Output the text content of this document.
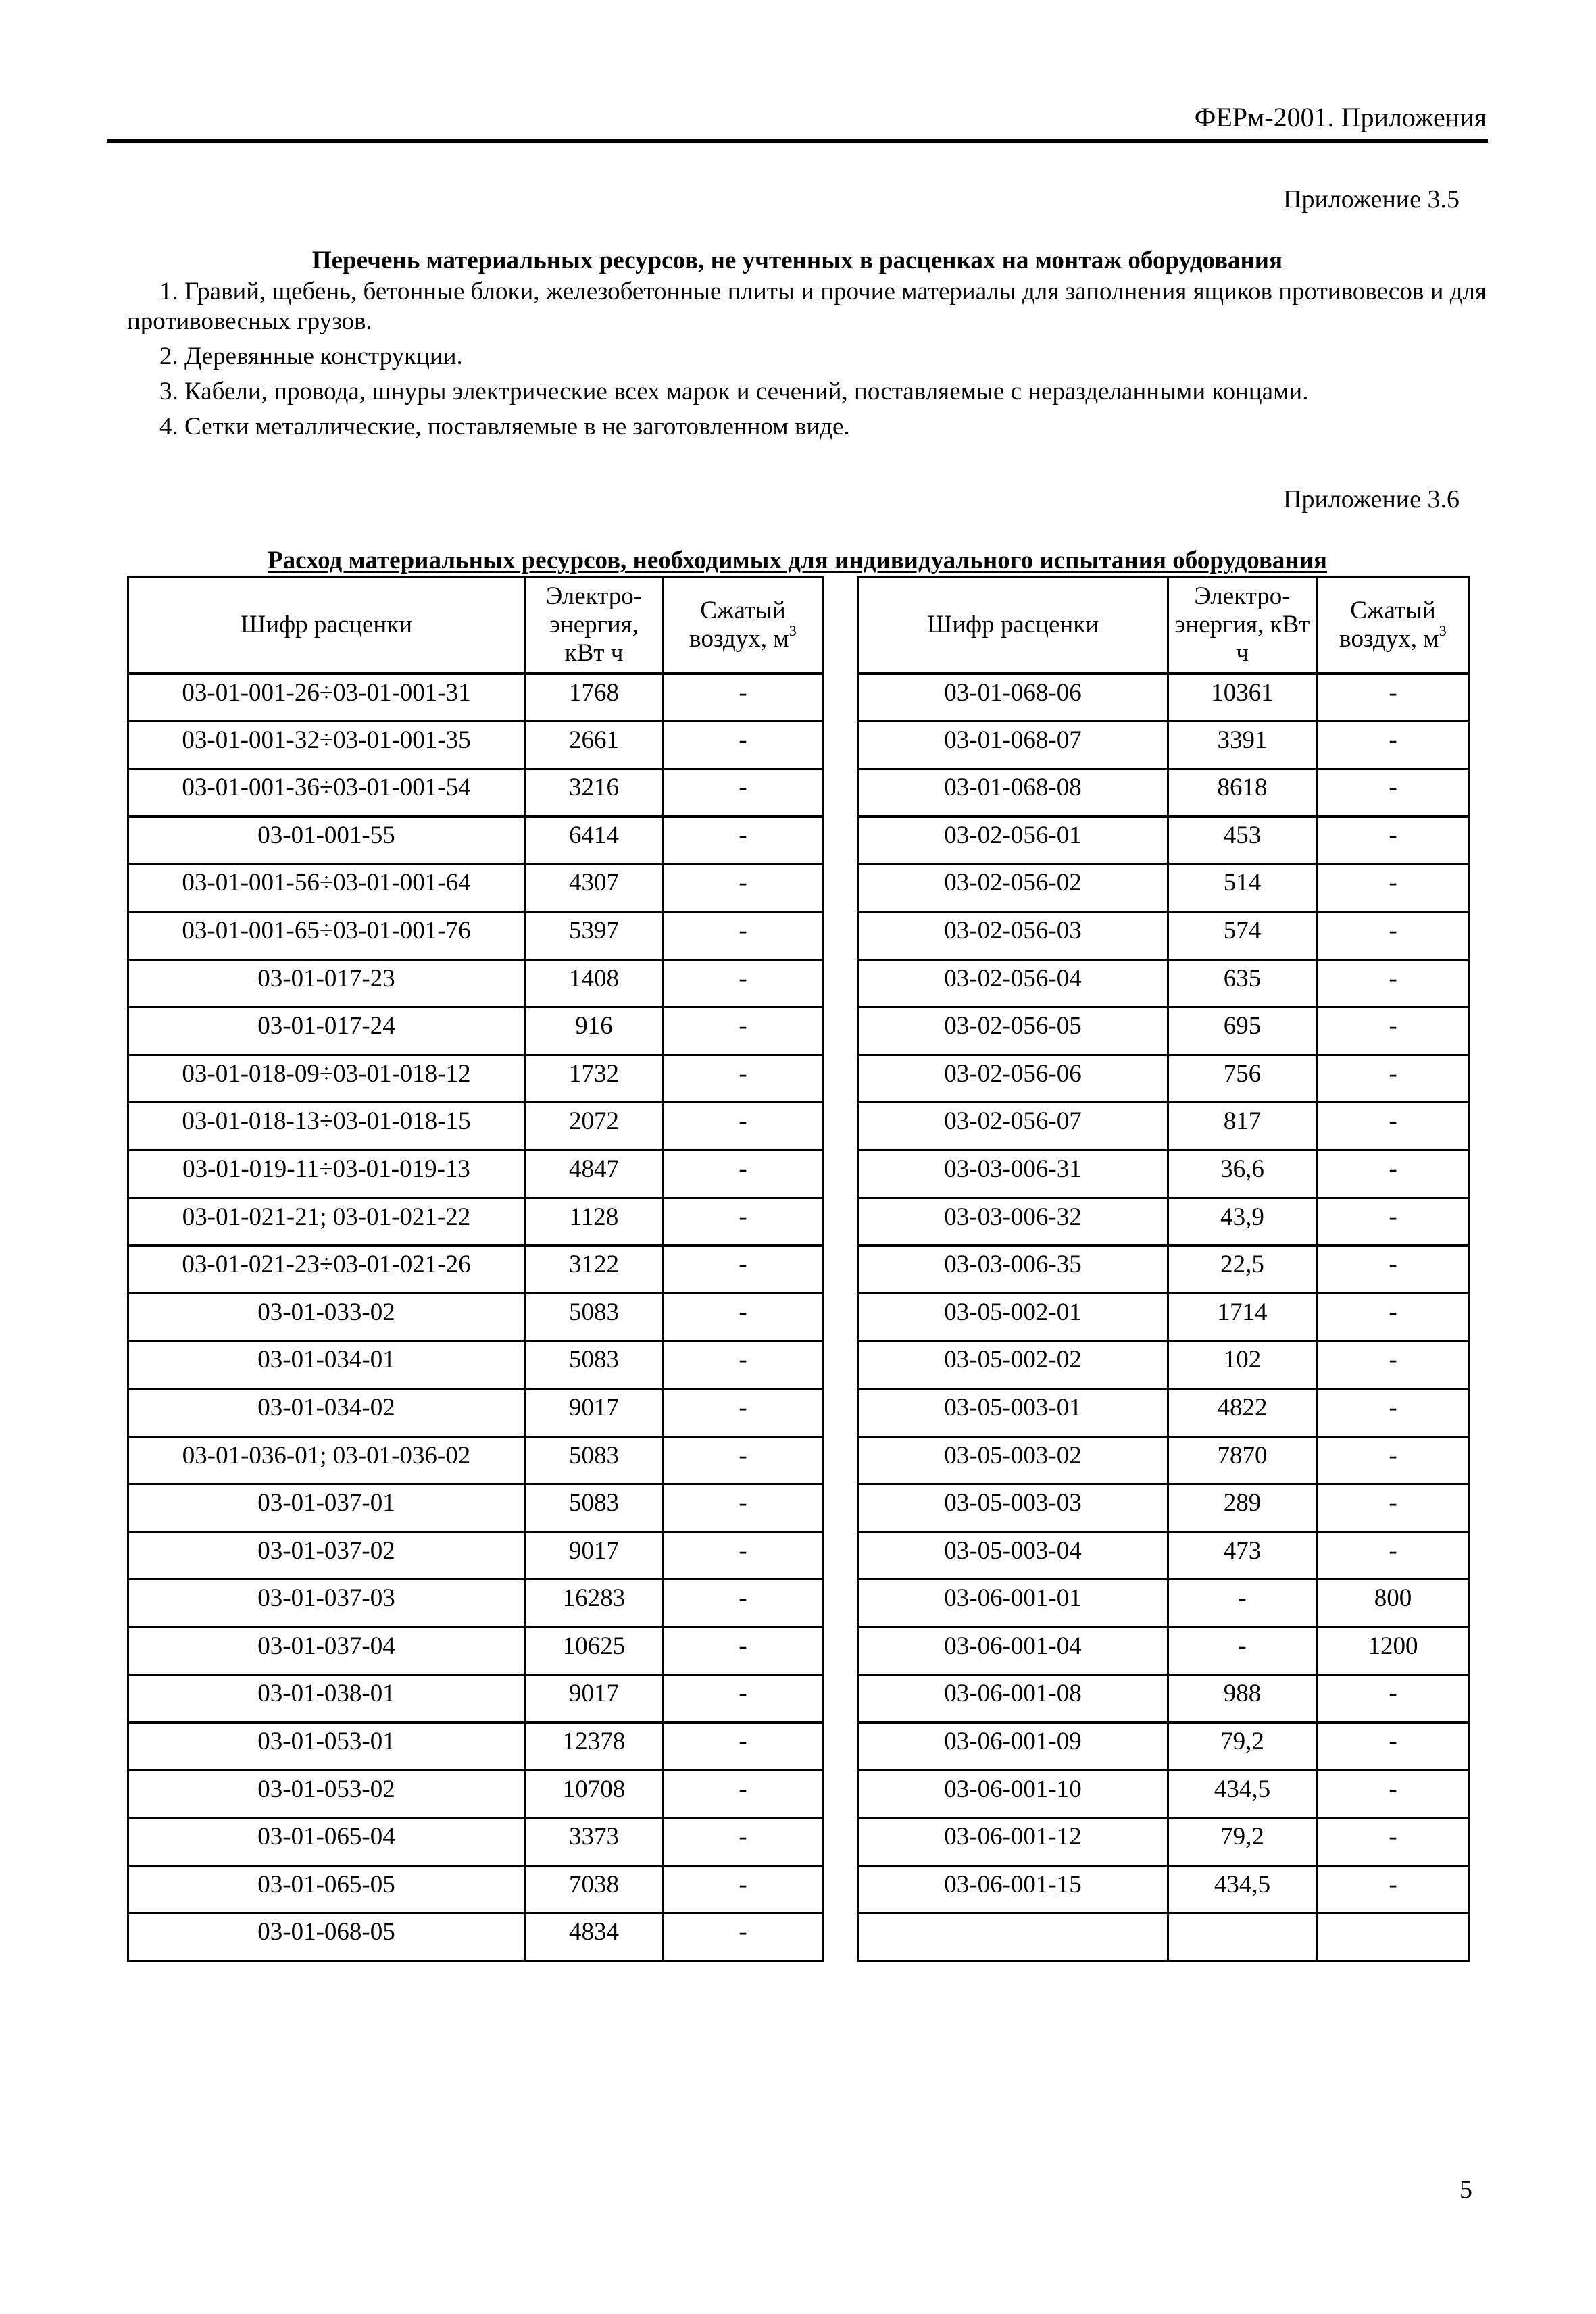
ФЕРм-2001. Приложения
Приложение 3.5
Перечень материальных ресурсов, не учтенных в расценках на монтаж оборудования

1. Гравий, щебень, бетонные блоки, железобетонные плиты и прочие материалы для заполнения ящиков противовесов и для противовесных грузов.

2. Деревянные конструкции.

3. Кабели, провода, шнуры электрические всех марок и сечений, поставляемые с неразделанными концами.

4. Сетки металлические, поставляемые в не заготовленном виде.

Приложение 3.6
Расход материальных ресурсов, необходимых для индивидуального испытания оборудования
Шифр расценки	Электро-энергия, кВт ч	Сжатый воздух, $м^3$
03-01-001-26÷03-01-001-31	1768	-
03-01-001-32÷03-01-001-35	2661	-
03-01-001-36÷03-01-001-54	3216	-
03-01-001-55	6414	-
03-01-001-56÷03-01-001-64	4307	-
03-01-001-65÷03-01-001-76	5397	-
03-01-017-23	1408	-
03-01-017-24	916	-
03-01-018-09÷03-01-018-12	1732	-
03-01-018-13÷03-01-018-15	2072	-
03-01-019-11÷03-01-019-13	4847	-
03-01-021-21; 03-01-021-22	1128	-
03-01-021-23÷03-01-021-26	3122	-
03-01-033-02	5083	-
03-01-034-01	5083	-
03-01-034-02	9017	-
03-01-036-01; 03-01-036-02	5083	-
03-01-037-01	5083	-
03-01-037-02	9017	-
03-01-037-03	16283	-
03-01-037-04	10625	-
03-01-038-01	9017	-
03-01-053-01	12378	-
03-01-053-02	10708	-
03-01-065-04	3373	-
03-01-065-05	7038	-
03-01-068-05	4834	-
Шифр расценки	Электро-энергия, кВт ч	Сжатый воздух, $м^3$
03-01-068-06	10361	-
03-01-068-07	3391	-
03-01-068-08	8618	-
03-02-056-01	453	-
03-02-056-02	514	-
03-02-056-03	574	-
03-02-056-04	635	-
03-02-056-05	695	-
03-02-056-06	756	-
03-02-056-07	817	-
03-03-006-31	36,6	-
03-03-006-32	43,9	-
03-03-006-35	22,5	-
03-05-002-01	1714	-
03-05-002-02	102	-
03-05-003-01	4822	-
03-05-003-02	7870	-
03-05-003-03	289	-
03-05-003-04	473	-
03-06-001-01	-	800
03-06-001-04	-	1200
03-06-001-08	988	-
03-06-001-09	79,2	-
03-06-001-10	434,5	-
03-06-001-12	79,2	-
03-06-001-15	434,5	-

5
